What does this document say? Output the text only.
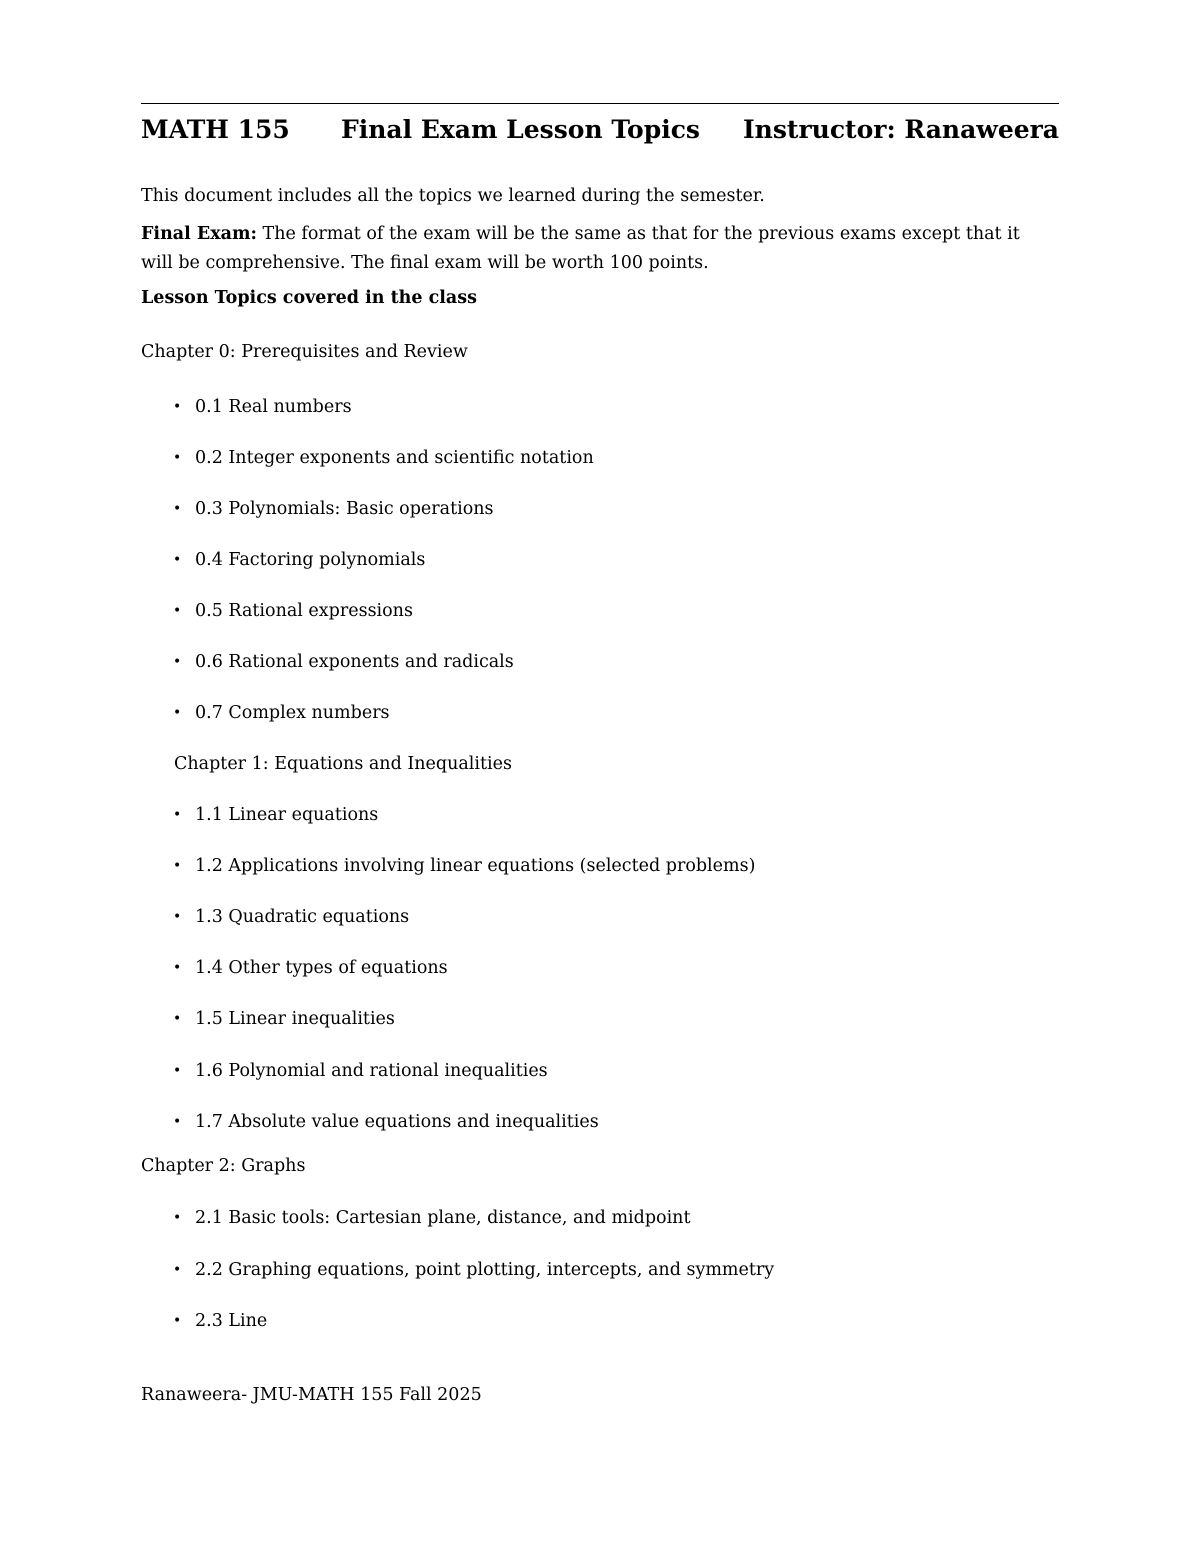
MATH 155 Final Exam Lesson Topics Instructor: Ranaweera
This document includes all the topics we learned during the semester.
Final Exam: The format of the exam will be the same as that for the previous exams except that it
will be comprehensive. The final exam will be worth 100 points.
Lesson Topics covered in the class
Chapter 0: Prerequisites and Review
• 0.1 Real numbers
• 0.2 Integer exponents and scientific notation
• 0.3 Polynomials: Basic operations
• 0.4 Factoring polynomials
• 0.5 Rational expressions
• 0.6 Rational exponents and radicals
• 0.7 Complex numbers
Chapter 1: Equations and Inequalities
• 1.1 Linear equations
• 1.2 Applications involving linear equations (selected problems)
• 1.3 Quadratic equations
• 1.4 Other types of equations
• 1.5 Linear inequalities
• 1.6 Polynomial and rational inequalities
• 1.7 Absolute value equations and inequalities
Chapter 2: Graphs
• 2.1 Basic tools: Cartesian plane, distance, and midpoint
• 2.2 Graphing equations, point plotting, intercepts, and symmetry
• 2.3 Line
Ranaweera- JMU-MATH 155 Fall 2025
